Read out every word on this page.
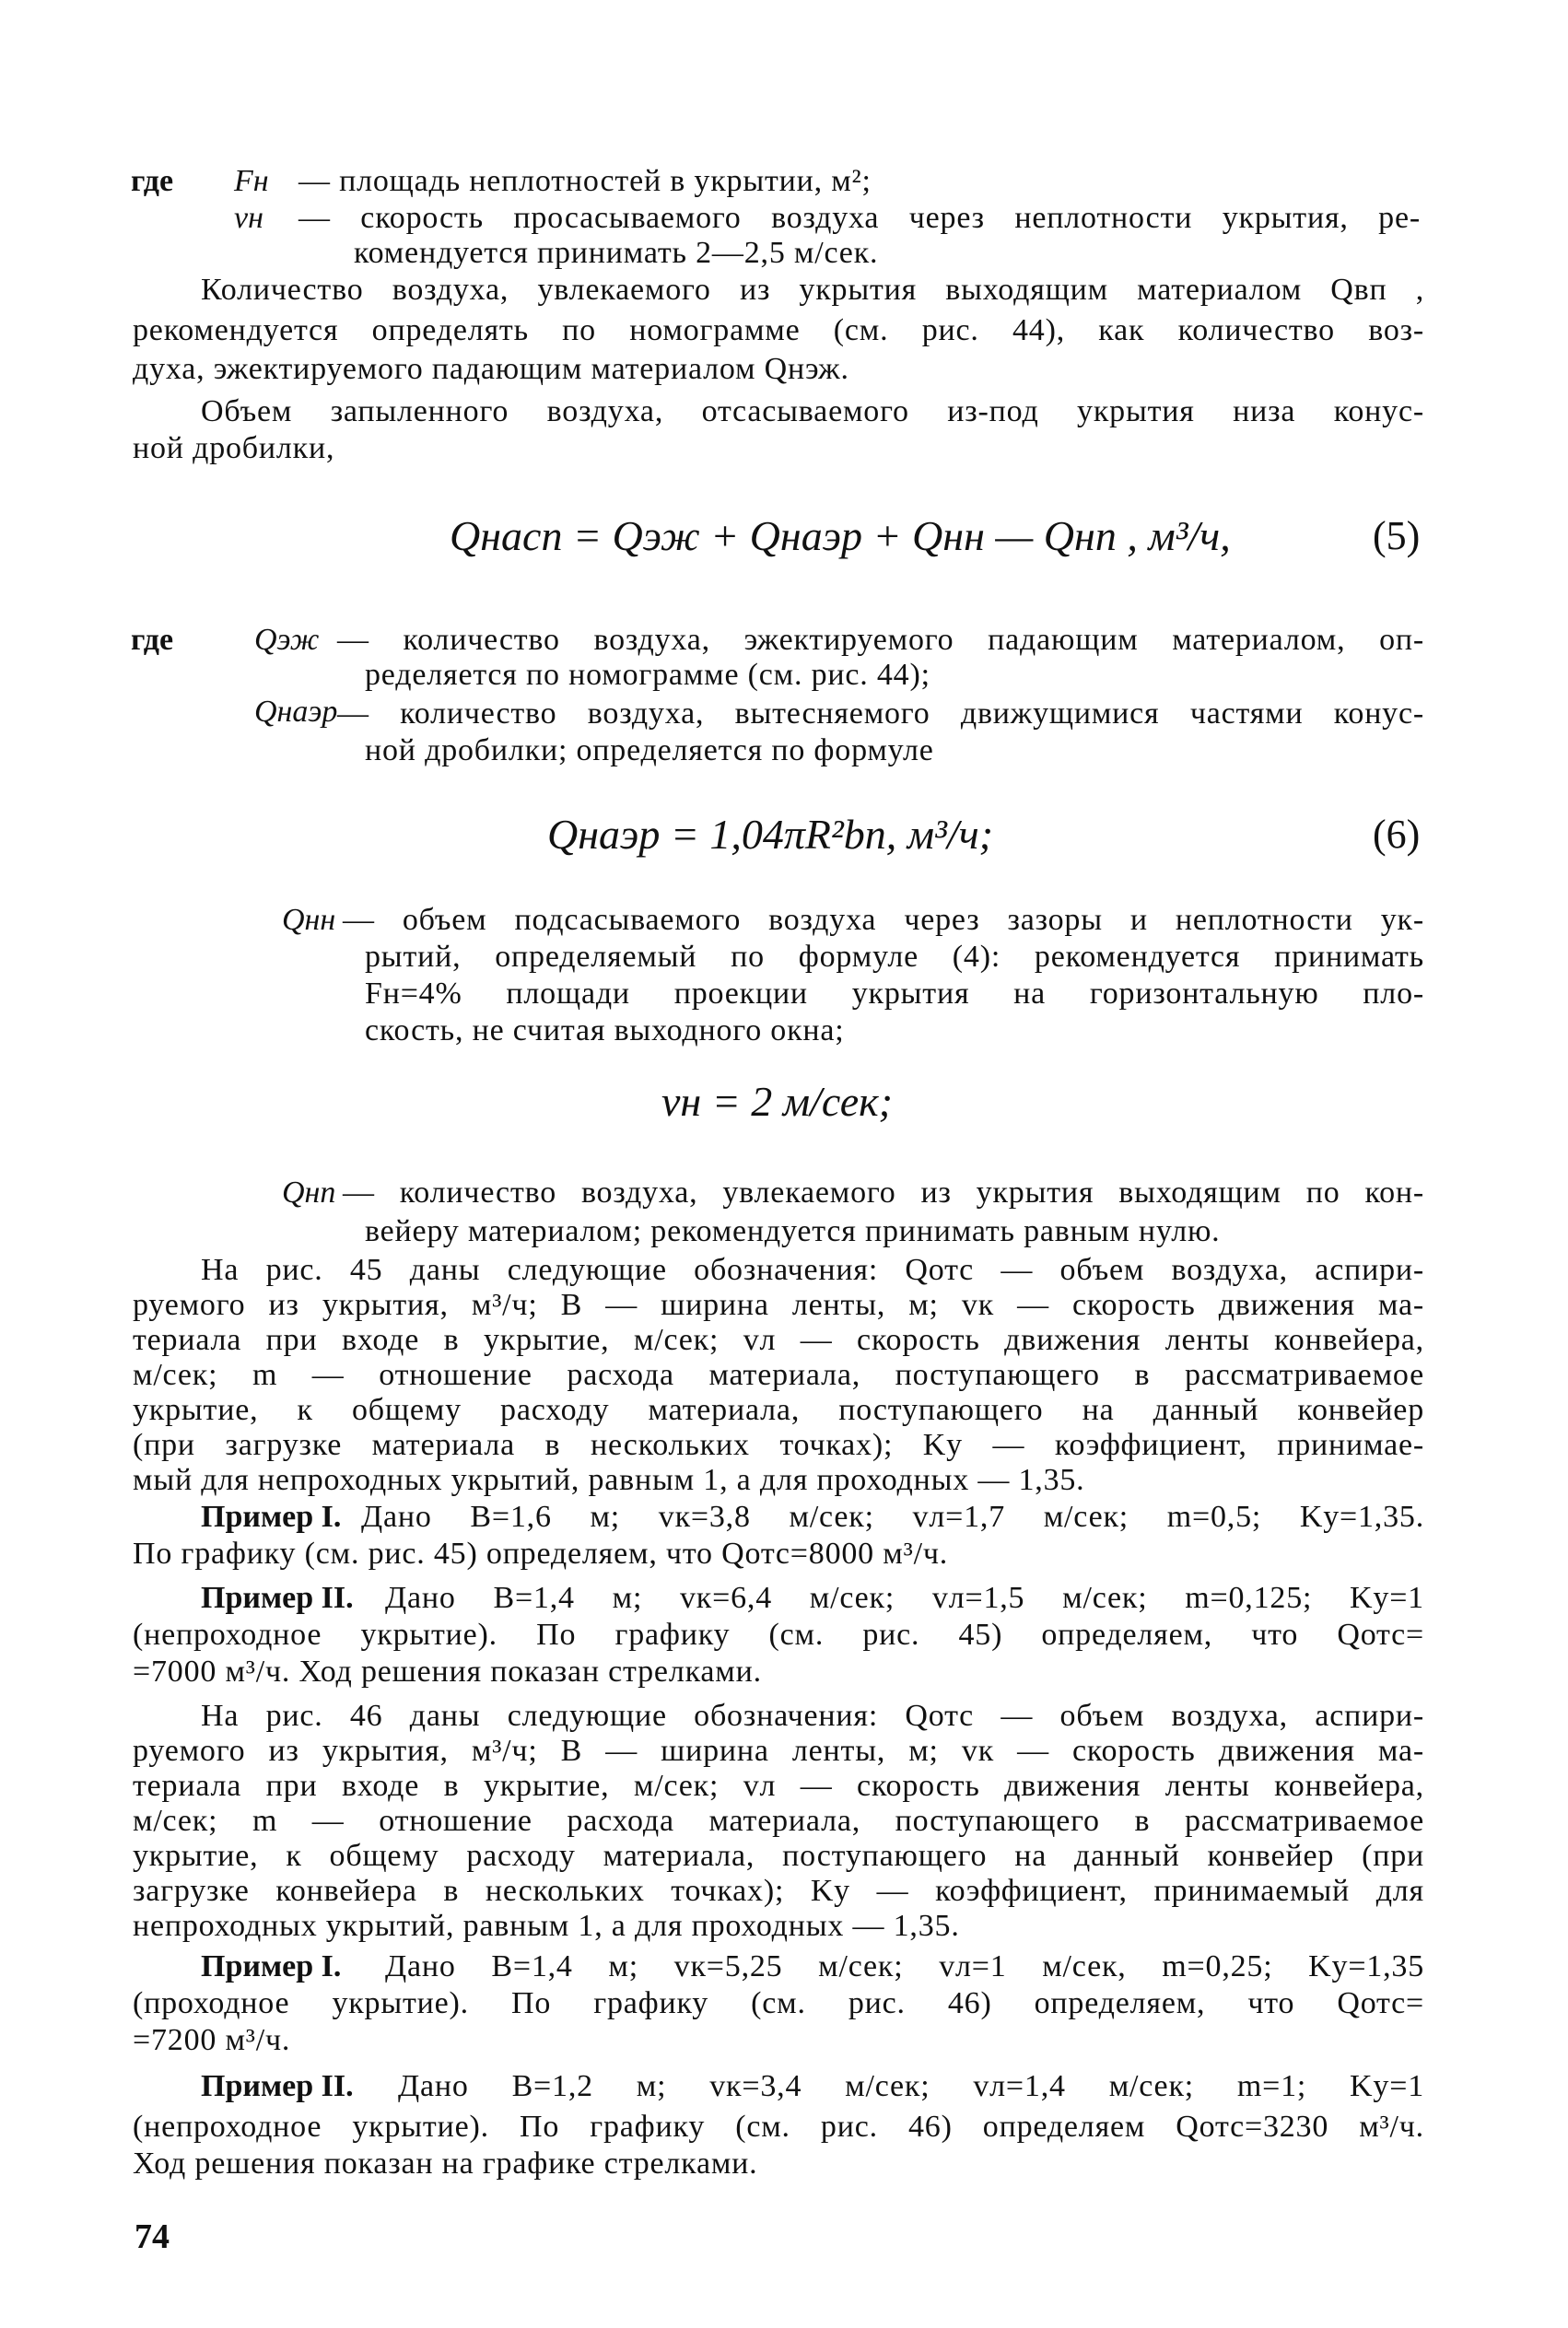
где Fн — площадь неплотностей в укрытии, м²;

vн — скорость просасываемого воздуха через неплотности укрытия, ре-

комендуется принимать 2—2,5 м/сек.

Количество воздуха, увлекаемого из укрытия выходящим материалом Qвп ,

рекомендуется определять по номограмме (см. рис. 44), как количество воз-

духа, эжектируемого падающим материалом Qнэж.

Объем запыленного воздуха, отсасываемого из-под укрытия низа конус-

ной дробилки,

Qнасп = Qэж + Qнаэр + Qнн — Qнп , м³/ч,	(5)

где	Qэж — количество воздуха, эжектируемого падающим материалом, оп-

ределяется по номограмме (см. рис. 44);

Qнаэр — количество воздуха, вытесняемого движущимися частями конус-

ной дробилки; определяется по формуле

Qнаэр = 1,04πR²bn, м³/ч;	(6)

Qнн — объем подсасываемого воздуха через зазоры и неплотности ук-

рытий, определяемый по формуле (4): рекомендуется принимать

Fн=4% площади проекции укрытия на горизонтальную пло-

скость, не считая выходного окна;

vн = 2 м/сек;

Qнп — количество воздуха, увлекаемого из укрытия выходящим по кон-

вейеру материалом; рекомендуется принимать равным нулю.

На рис. 45 даны следующие обозначения: Qотс — объем воздуха, аспири-

руемого из укрытия, м³/ч; B — ширина ленты, м; vк — скорость движения ма-

териала при входе в укрытие, м/сек; vл — скорость движения ленты конвейера,

м/сек; m — отношение расхода материала, поступающего в рассматриваемое

укрытие, к общему расходу материала, поступающего на данный конвейер

(при загрузке материала в нескольких точках); Kу — коэффициент, принимае-

мый для непроходных укрытий, равным 1, а для проходных — 1,35.

Пример I. Дано B=1,6 м; vк=3,8 м/сек; vл=1,7 м/сек; m=0,5; Kу=1,35.

По графику (см. рис. 45) определяем, что Qотс=8000 м³/ч.

Пример II. Дано B=1,4 м; vк=6,4 м/сек; vл=1,5 м/сек; m=0,125; Kу=1

(непроходное укрытие). По графику (см. рис. 45) определяем, что Qотс=

=7000 м³/ч. Ход решения показан стрелками.

На рис. 46 даны следующие обозначения: Qотс — объем воздуха, аспири-

руемого из укрытия, м³/ч; B — ширина ленты, м; vк — скорость движения ма-

териала при входе в укрытие, м/сек; vл — скорость движения ленты конвейера,

м/сек; m — отношение расхода материала, поступающего в рассматриваемое

укрытие, к общему расходу материала, поступающего на данный конвейер (при

загрузке конвейера в нескольких точках); Kу — коэффициент, принимаемый для

непроходных укрытий, равным 1, а для проходных — 1,35.

Пример I. Дано B=1,4 м; vк=5,25 м/сек; vл=1 м/сек, m=0,25; Kу=1,35

(проходное укрытие). По графику (см. рис. 46) определяем, что Qотс=

=7200 м³/ч.

Пример II. Дано B=1,2 м; vк=3,4 м/сек; vл=1,4 м/сек; m=1; Kу=1

(непроходное укрытие). По графику (см. рис. 46) определяем Qотс=3230 м³/ч.

Ход решения показан на графике стрелками.

74
